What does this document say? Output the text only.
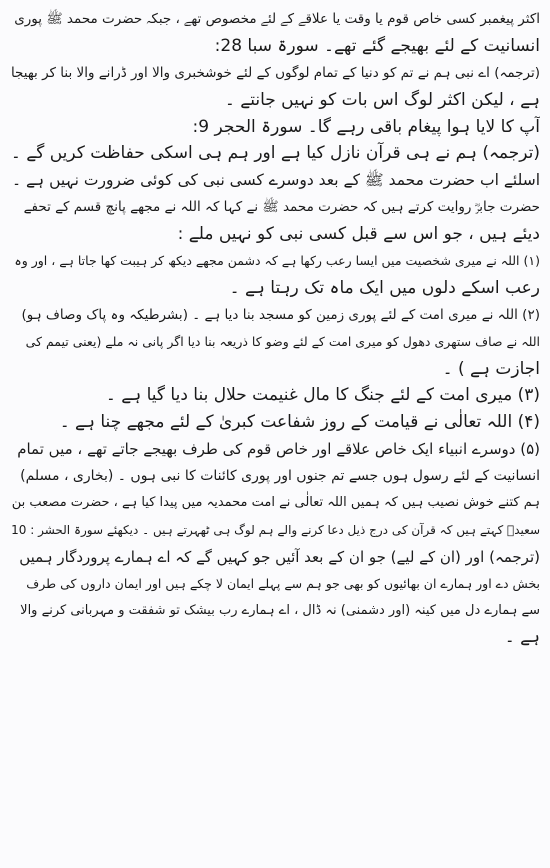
اکثر پیغمبر کسی خاص قوم یا وقت یا علاقے کے لئے مخصوص تھے ، جبکہ حضرت محمد ﷺ پوری
انسانیت کے لئے بھیجے گئے تھے۔ سورۃ سبا 28:
(ترجمہ) اے نبی ہم نے تم کو دنیا کے تمام لوگوں کے لئے خوشخبری والا اور ڈرانے والا بنا کر بھیجا
ہے ، لیکن اکثر لوگ اس بات کو نہیں جانتے ۔
آپ کا لایا ہوا پیغام باقی رہے گا۔ سورۃ الحجر 9:
(ترجمہ) ہم نے ہی قرآن نازل کیا ہے اور ہم ہی اسکی حفاظت کریں گے ۔
اسلئے اب حضرت محمد ﷺ کے بعد دوسرے کسی نبی کی کوئی ضرورت نہیں ہے ۔
حضرت جابرؓ روایت کرتے ہیں کہ حضرت محمد ﷺ نے کہا کہ اللہ نے مجھے پانچ قسم کے تحفے
دیئے ہیں ، جو اس سے قبل کسی نبی کو نہیں ملے :
(۱) اللہ نے میری شخصیت میں ایسا رعب رکھا ہے کہ دشمن مجھے دیکھ کر ہیبت کھا جاتا ہے ، اور وہ
رعب اسکے دلوں میں ایک ماہ تک رہتا ہے ۔
(۲) اللہ نے میری امت کے لئے پوری زمین کو مسجد بنا دیا ہے ۔ (بشرطیکہ وہ پاک وصاف ہو)
اللہ نے صاف ستھری دھول کو میری امت کے لئے وضو کا ذریعہ بنا دیا اگر پانی نہ ملے (یعنی تیمم کی
اجازت ہے ) ۔
(۳) میری امت کے لئے جنگ کا مال غنیمت حلال بنا دیا گیا ہے ۔
(۴) اللہ تعالٰی نے قیامت کے روز شفاعت کبریٰ کے لئے مجھے چنا ہے ۔
(۵) دوسرے انبیاء ایک خاص علاقے اور خاص قوم کی طرف بھیجے جاتے تھے ، میں تمام
انسانیت کے لئے رسول ہوں جسے تم جنوں اور پوری کائنات کا نبی ہوں ۔ (بخاری ، مسلم)
ہم کتنے خوش نصیب ہیں کہ ہمیں اللہ تعالٰی نے امت محمدیہ میں پیدا کیا ہے ، حضرت مصعب بن
سعیدؓ کہتے ہیں کہ قرآن کی درج ذیل دعا کرنے والے ہم لوگ ہی ٹھہرتے ہیں ۔ دیکھئے سورۃ الحشر : 10
(ترجمہ) اور (ان کے لیے) جو ان کے بعد آئیں جو کہیں گے کہ اے ہمارے پروردگار ہمیں
بخش دے اور ہمارے ان بھائیوں کو بھی جو ہم سے پہلے ایمان لا چکے ہیں اور ایمان داروں کی طرف
سے ہمارے دل میں کینہ (اور دشمنی) نہ ڈال ، اے ہمارے رب بیشک تو شفقت و مہربانی کرنے والا
ہے ۔
